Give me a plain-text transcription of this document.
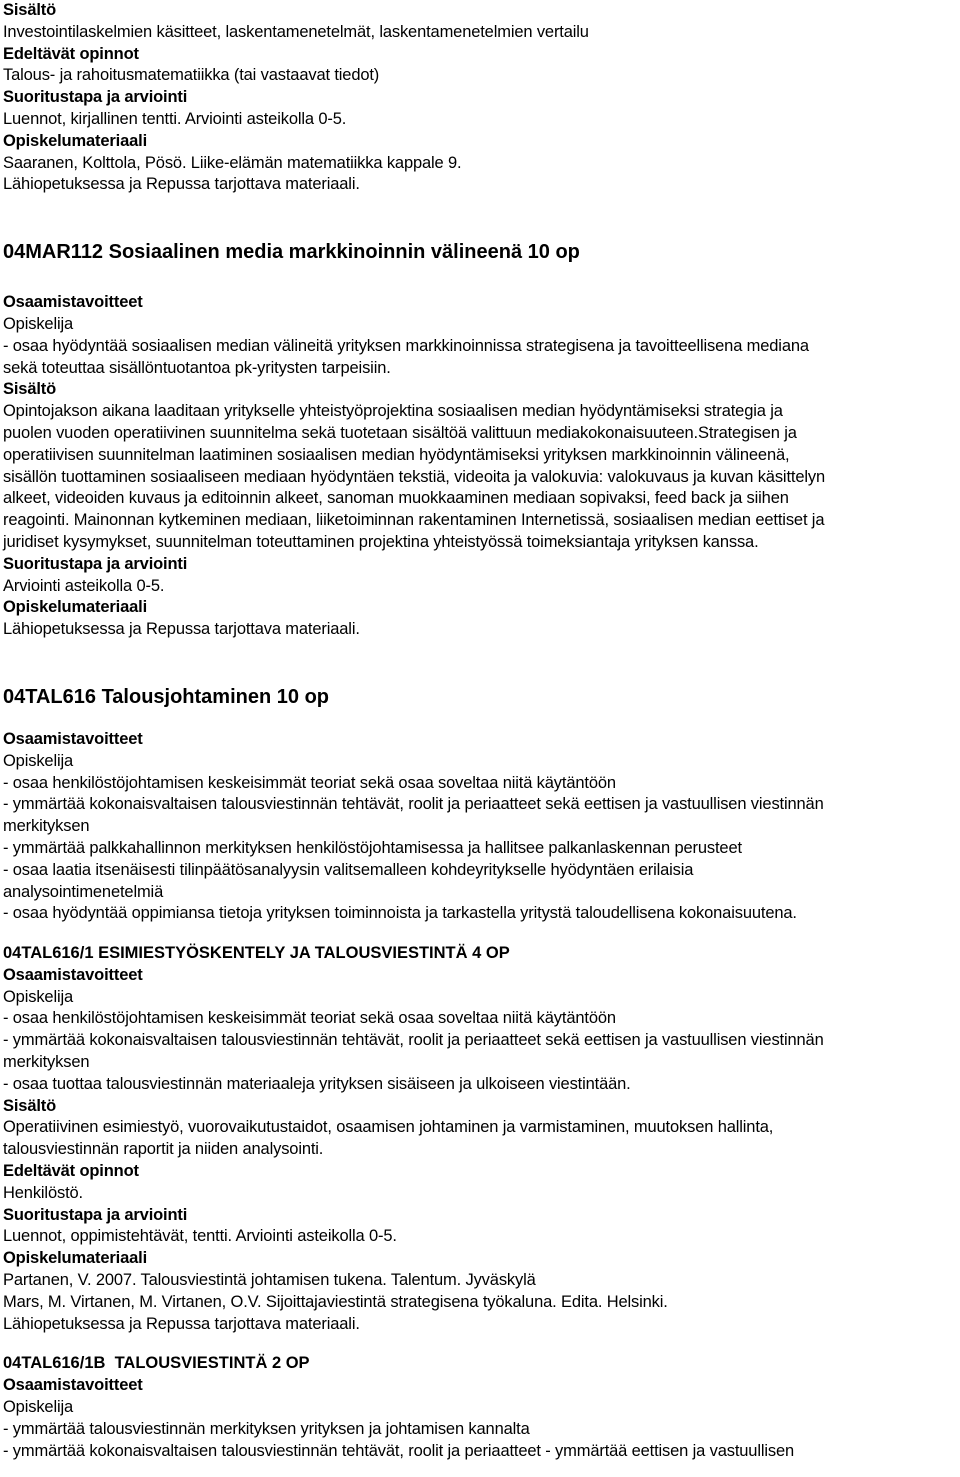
Sisältö
Investointilaskelmien käsitteet, laskentamenetelmät, laskentamenetelmien vertailu
Edeltävät opinnot
Talous- ja rahoitusmatematiikka (tai vastaavat tiedot)
Suoritustapa ja arviointi
Luennot, kirjallinen tentti. Arviointi asteikolla 0-5.
Opiskelumateriaali
Saaranen, Kolttola, Pösö. Liike-elämän matematiikka kappale 9.
Lähiopetuksessa ja Repussa tarjottava materiaali.
04MAR112 Sosiaalinen media markkinoinnin välineenä 10 op
Osaamistavoitteet
Opiskelija
- osaa hyödyntää sosiaalisen median välineitä yrityksen markkinoinnissa strategisena ja tavoitteellisena mediana
sekä toteuttaa sisällöntuotantoa pk-yritysten tarpeisiin.
Sisältö
Opintojakson aikana laaditaan yritykselle yhteistyöprojektina sosiaalisen median hyödyntämiseksi strategia ja
puolen vuoden operatiivinen suunnitelma sekä tuotetaan sisältöä valittuun mediakokonaisuuteen.Strategisen ja
operatiivisen suunnitelman laatiminen sosiaalisen median hyödyntämiseksi yrityksen markkinoinnin välineenä,
sisällön tuottaminen sosiaaliseen mediaan hyödyntäen tekstiä, videoita ja valokuvia: valokuvaus ja kuvan käsittelyn
alkeet, videoiden kuvaus ja editoinnin alkeet, sanoman muokkaaminen mediaan sopivaksi, feed back ja siihen
reagointi. Mainonnan kytkeminen mediaan, liiketoiminnan rakentaminen Internetissä, sosiaalisen median eettiset ja
juridiset kysymykset, suunnitelman toteuttaminen projektina yhteistyössä toimeksiantaja yrityksen kanssa.
Suoritustapa ja arviointi
Arviointi asteikolla 0-5.
Opiskelumateriaali
Lähiopetuksessa ja Repussa tarjottava materiaali.
04TAL616 Talousjohtaminen 10 op
Osaamistavoitteet
Opiskelija
- osaa henkilöstöjohtamisen keskeisimmät teoriat sekä osaa soveltaa niitä käytäntöön
- ymmärtää kokonaisvaltaisen talousviestinnän tehtävät, roolit ja periaatteet sekä eettisen ja vastuullisen viestinnän
merkityksen
- ymmärtää palkkahallinnon merkityksen henkilöstöjohtamisessa ja hallitsee palkanlaskennan perusteet
- osaa laatia itsenäisesti tilinpäätösanalyysin valitsemalleen kohdeyritykselle hyödyntäen erilaisia
analysointimenetelmiä
- osaa hyödyntää oppimiansa tietoja yrityksen toiminnoista ja tarkastella yritystä taloudellisena kokonaisuutena.
04TAL616/1 ESIMIESTYÖSKENTELY JA TALOUSVIESTINTÄ 4 OP
Osaamistavoitteet
Opiskelija
- osaa henkilöstöjohtamisen keskeisimmät teoriat sekä osaa soveltaa niitä käytäntöön
- ymmärtää kokonaisvaltaisen talousviestinnän tehtävät, roolit ja periaatteet sekä eettisen ja vastuullisen viestinnän
merkityksen
- osaa tuottaa talousviestinnän materiaaleja yrityksen sisäiseen ja ulkoiseen viestintään.
Sisältö
Operatiivinen esimiestyö, vuorovaikutustaidot, osaamisen johtaminen ja varmistaminen, muutoksen hallinta,
talousviestinnän raportit ja niiden analysointi.
Edeltävät opinnot
Henkilöstö.
Suoritustapa ja arviointi
Luennot, oppimistehtävät, tentti. Arviointi asteikolla 0-5.
Opiskelumateriaali
Partanen, V. 2007. Talousviestintä johtamisen tukena. Talentum. Jyväskylä
Mars, M. Virtanen, M. Virtanen, O.V. Sijoittajaviestintä strategisena työkaluna. Edita. Helsinki.
Lähiopetuksessa ja Repussa tarjottava materiaali.
04TAL616/1B  TALOUSVIESTINTÄ 2 OP
Osaamistavoitteet
Opiskelija
- ymmärtää talousviestinnän merkityksen yrityksen ja johtamisen kannalta
- ymmärtää kokonaisvaltaisen talousviestinnän tehtävät, roolit ja periaatteet - ymmärtää eettisen ja vastuullisen
